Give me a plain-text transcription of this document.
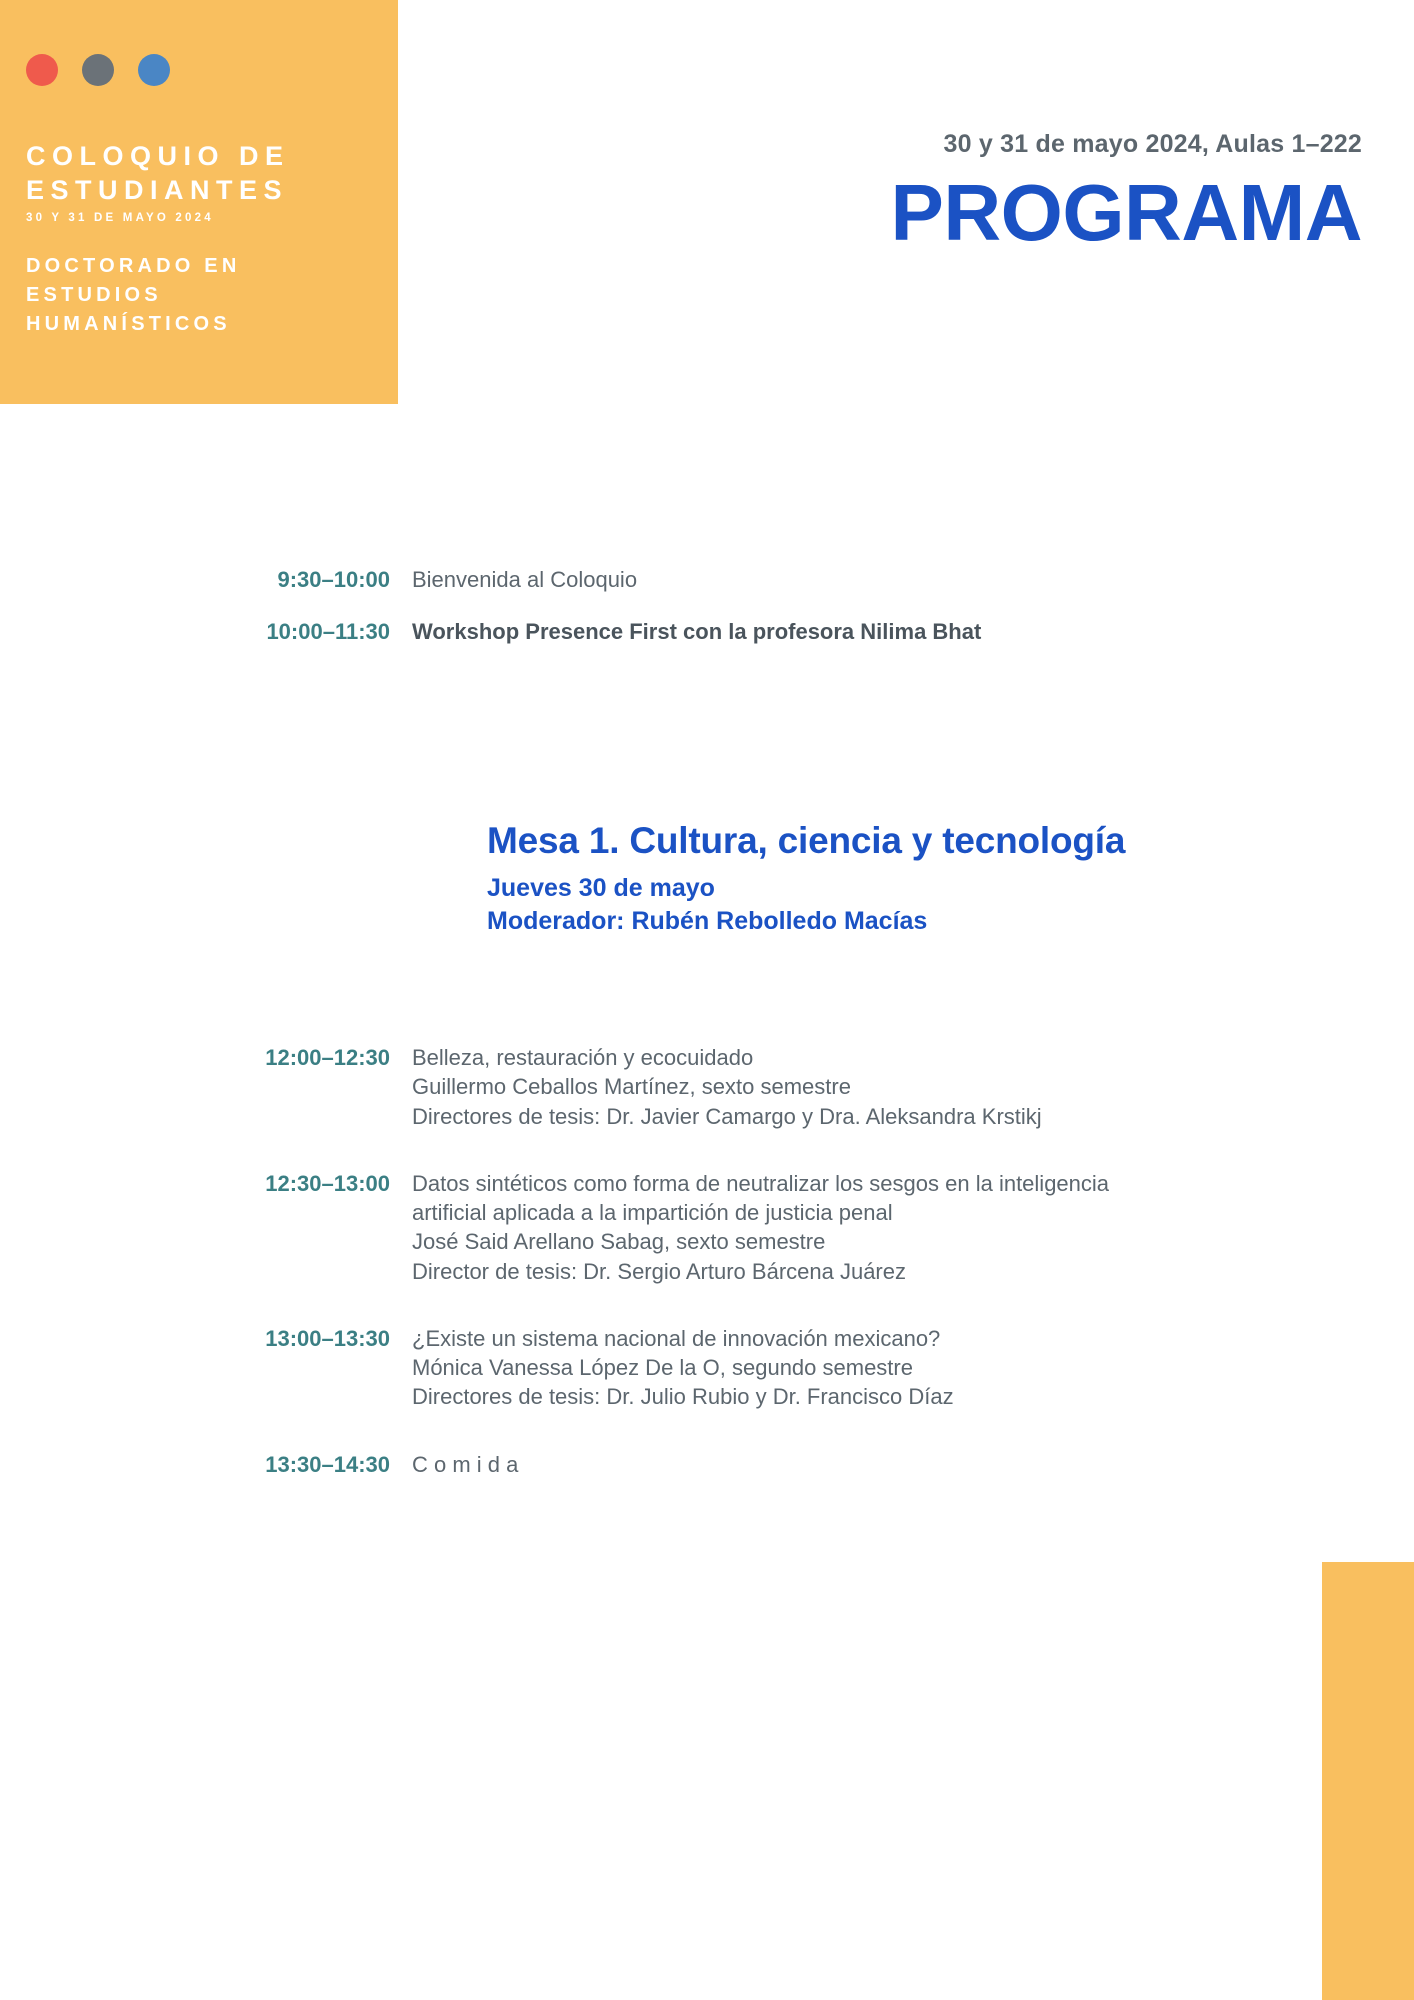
COLOQUIO DE ESTUDIANTES
30 Y 31 DE MAYO 2024
DOCTORADO EN
ESTUDIOS
HUMANÍSTICOS
30 y 31 de mayo 2024, Aulas 1–222
PROGRAMA
9:30–10:00	Bienvenida al Coloquio
10:00–11:30	Workshop Presence First con la profesora Nilima Bhat
Mesa 1. Cultura, ciencia y tecnología
Jueves 30 de mayo
Moderador: Rubén Rebolledo Macías
12:00–12:30	Belleza, restauración y ecocuidado
Guillermo Ceballos Martínez, sexto semestre
Directores de tesis: Dr. Javier Camargo y Dra. Aleksandra Krstikj
12:30–13:00	Datos sintéticos como forma de neutralizar los sesgos en la inteligencia
artificial aplicada a la impartición de justicia penal
José Said Arellano Sabag, sexto semestre
Director de tesis: Dr. Sergio Arturo Bárcena Juárez
13:00–13:30	¿Existe un sistema nacional de innovación mexicano?
Mónica Vanessa López De la O, segundo semestre
Directores de tesis: Dr. Julio Rubio y Dr. Francisco Díaz
13:30–14:30	C o m i d a
